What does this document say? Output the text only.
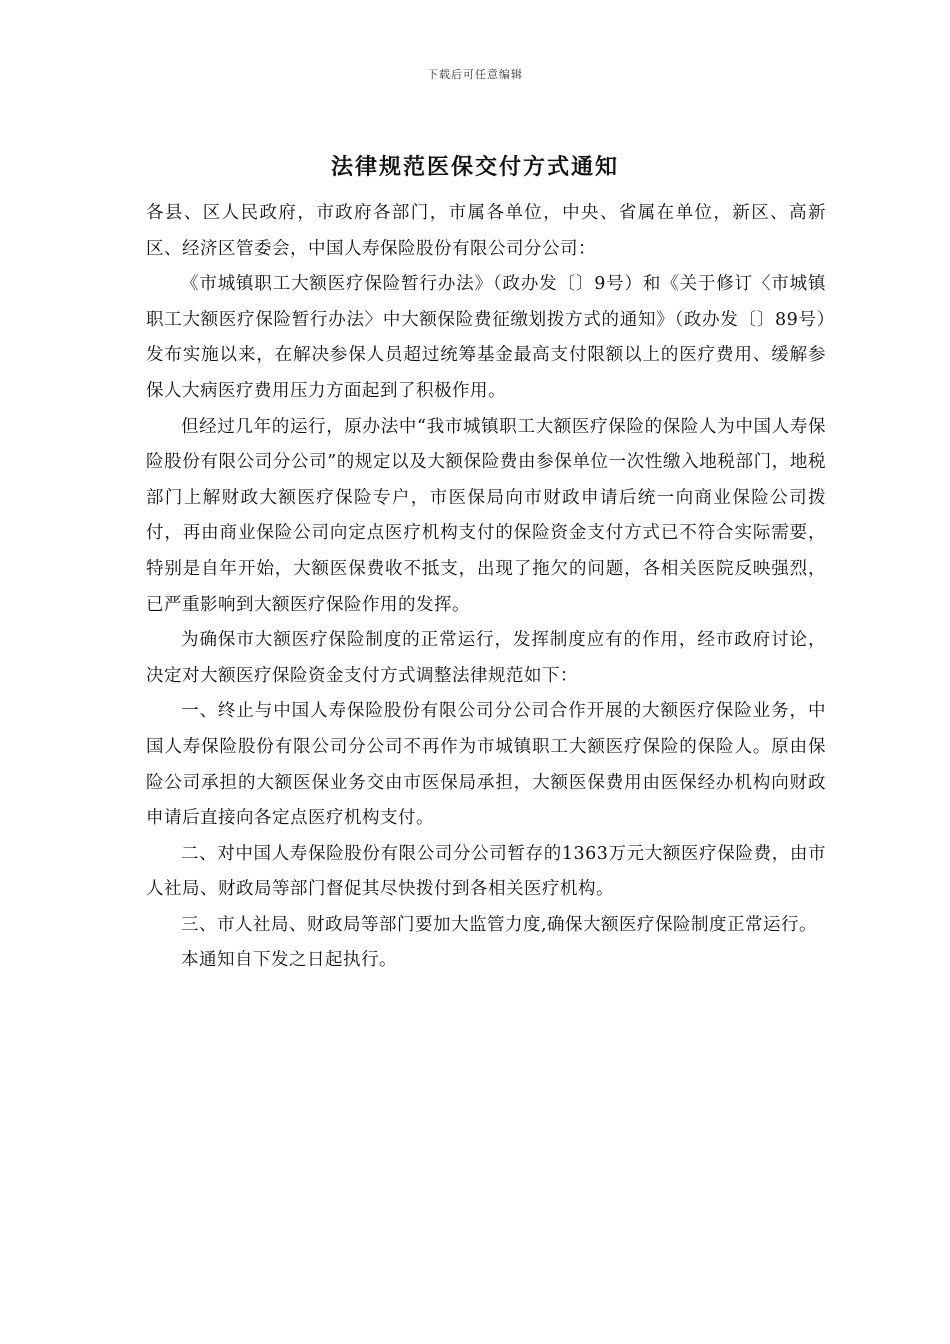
下载后可任意编辑
法律规范医保交付方式通知

各县、区人民政府，市政府各部门，市属各单位，中央、省属在单位，新区、高新区、经济区管委会，中国人寿保险股份有限公司分公司：

《市城镇职工大额医疗保险暂行办法》（政办发〔〕9号）和《关于修订〈市城镇职工大额医疗保险暂行办法〉中大额保险费征缴划拨方式的通知》（政办发〔〕89号）发布实施以来，在解决参保人员超过统筹基金最高支付限额以上的医疗费用、缓解参保人大病医疗费用压力方面起到了积极作用。

但经过几年的运行，原办法中“我市城镇职工大额医疗保险的保险人为中国人寿保险股份有限公司分公司”的规定以及大额保险费由参保单位一次性缴入地税部门，地税部门上解财政大额医疗保险专户，市医保局向市财政申请后统一向商业保险公司拨付，再由商业保险公司向定点医疗机构支付的保险资金支付方式已不符合实际需要，特别是自年开始，大额医保费收不抵支，出现了拖欠的问题，各相关医院反映强烈，已严重影响到大额医疗保险作用的发挥。

为确保市大额医疗保险制度的正常运行，发挥制度应有的作用，经市政府讨论，决定对大额医疗保险资金支付方式调整法律规范如下：

一、终止与中国人寿保险股份有限公司分公司合作开展的大额医疗保险业务，中国人寿保险股份有限公司分公司不再作为市城镇职工大额医疗保险的保险人。原由保险公司承担的大额医保业务交由市医保局承担，大额医保费用由医保经办机构向财政申请后直接向各定点医疗机构支付。

二、对中国人寿保险股份有限公司分公司暂存的1363万元大额医疗保险费，由市人社局、财政局等部门督促其尽快拨付到各相关医疗机构。

三、市人社局、财政局等部门要加大监管力度,确保大额医疗保险制度正常运行。

本通知自下发之日起执行。
